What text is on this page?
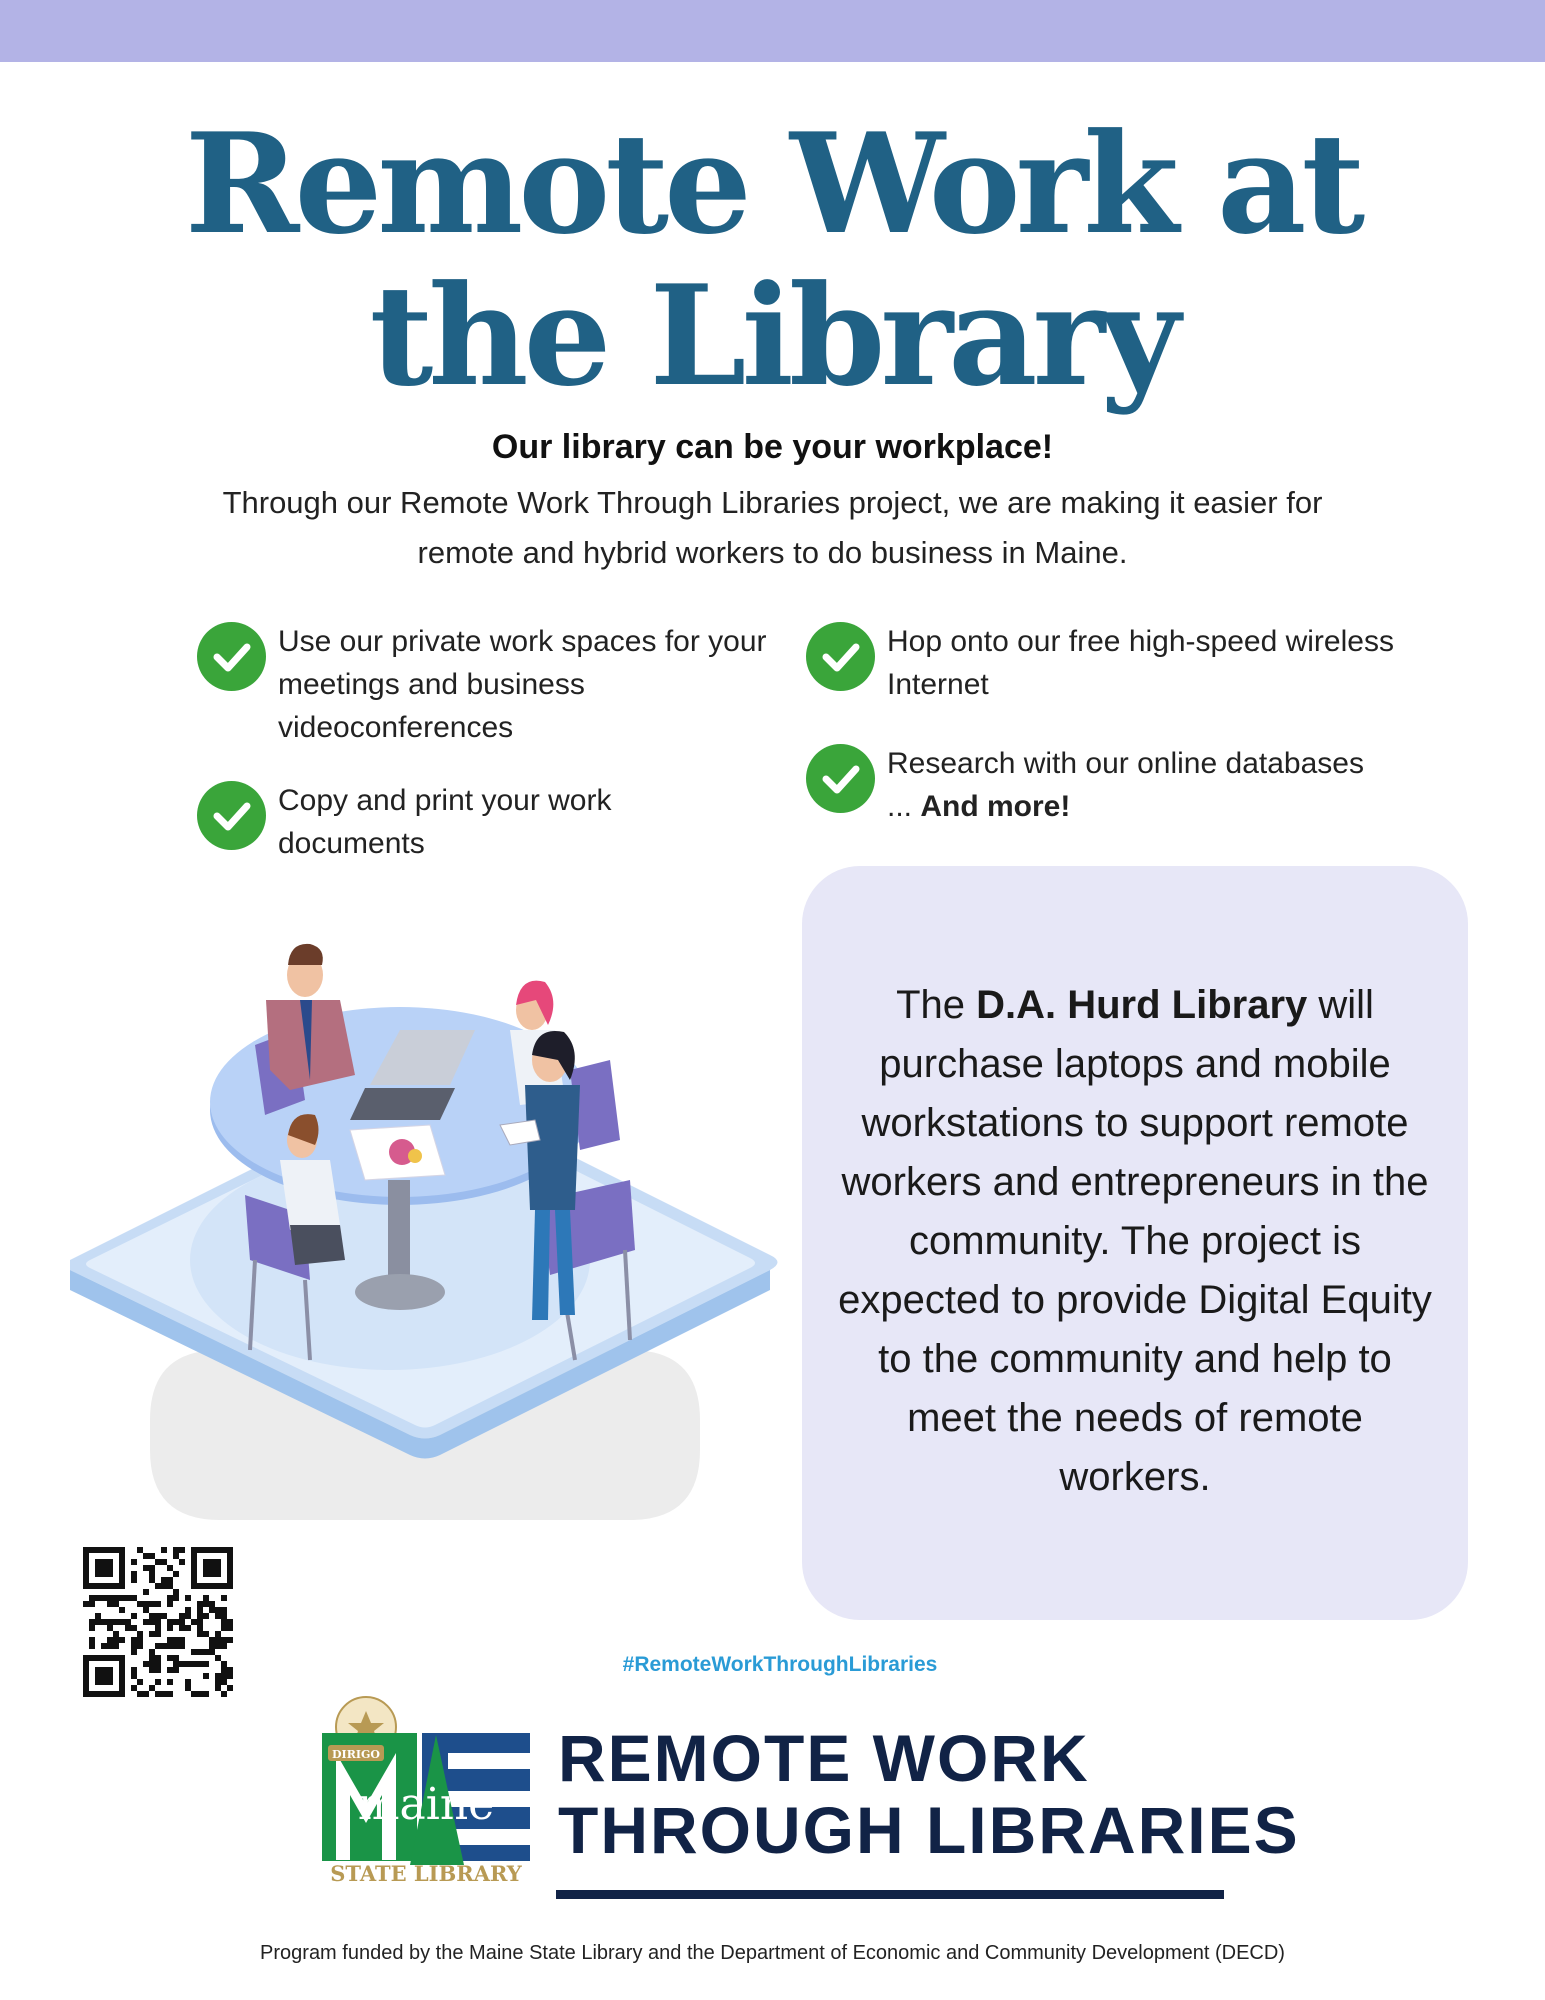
Remote Work at
the Library
Our library can be your workplace!
Through our Remote Work Through Libraries project, we are making it easier for
remote and hybrid workers to do business in Maine.
Use our private work spaces for your
meetings and business
videoconferences
Copy and print your work
documents
Hop onto our free high-speed wireless
Internet
Research with our online databases
... And more!
The D.A. Hurd Library will purchase laptops and mobile workstations to support remote workers and entrepreneurs in the community. The project is expected to provide Digital Equity to the community and help to meet the needs of remote workers.
#RemoteWorkThroughLibraries
DIRIGO
maine
STATE LIBRARY
REMOTE WORK
THROUGH LIBRARIES
Program funded by the Maine State Library and the Department of Economic and Community Development (DECD)
